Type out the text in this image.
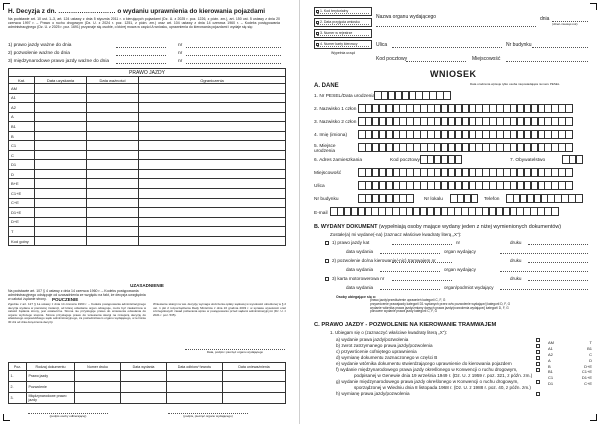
H. Decyzja z dn. ……………………… o wydaniu uprawnienia do kierowania pojazdami
Na podstawie art. 10 ust. 1–3, art. 124 ustawy z dnia 5 stycznia 2011 r. o kierujących pojazdami (Dz. U. z 2025 r. poz. 1226, z późn. zm.), art. 150 ust. 5 ustawy z dnia 20 czerwca 1997 r. – Prawo o ruchu drogowym (Dz. U. z 2024 r. poz. 1251, z późn. zm.) oraz art. 104 ustawy z dnia 14 czerwca 1960 r. – Kodeks postępowania administracyjnego (Dz. U. z 2025 r. poz. 1691) przyznaje się osobie, o której mowa w części A wniosku, uprawnienia do kierowania pojazdami i wydaje się się:
1) prawo jazdy ważne do dnia	nr
2) pozwolenie ważne do dnia	nr
3) międzynarodowe prawo jazdy ważne do dnia	nr
PRAWO JAZDY			
Kat.	Data uzyskania	Data ważności	Ograniczenia
AM			
A1			
A2			
A			
B1			
B			
C1			
C			
D1			
D			
B+E			
C1+E			
C+E			
D1+E			
D+E			
T			
Kod golny			
UZASADNIENIE
Na podstawie art. 107 § 4 ustawy z dnia 14 czerwca 1960 r. – Kodeks postępowania administracyjnego odstępuje od uzasadnienia ze względu na fakt, że decyzja uwzględnia w całości żądanie strony.	POUCZENIE
Zgodnie z art. 127 § 1a ustawy z dnia 14 czerwca 1960 r. – Kodeks postępowania administracyjnego decyzja wydana w pierwszej instancji, od której odwołanie organ odstępuje, może być zaskarżona w całości żądania strony, jest ostateczna. Strona nie przysługuje prawo do wniesienia odwołania do organu wyższego stopnia. Strona przysługuje prawo do wniesienia skargi na niniejszą decyzję do właściwego wojewódzkiego sądu administracyjnego, za pośrednictwem organu wydającego, w terminie 30 dni od dnia doręczenia decyzji.
Wniesienie skargi na ww. decyzję wymaga uiszczenia opłaty sądowej w wysokości określonej w § 2 ust. 1 pkt 2 rozporządzenia Rady Ministrów z dnia 16 grudnia 2003 r. w sprawie wysokości oraz szczegółowych zasad pobierania wpisu w postępowaniu przed sądami administracyjnymi (Dz. U. z 2021 r. poz. 535).
Data, podpis i pieczęć organu wydającego
Poz.	Rodzaj dokumentu	Numer druku	Data wydania	Data odbioru*/zwrotu	Data unieważnienia
1.	Prawo jazdy				
2.	Pozwolenie				
3.	Międzynarodowe prawo jazdy				
(podpis osoby odbierającej)	(podpis, pieczęć organu wydającego)
1. Kod terytorialny
2. Data przyjęcia wniosku
3. Numer w rejestrze
4. Numer karty kierowcy
Wypełnia urząd
Nazwa organu wydającego	dnia
(dzień-miesiąc-rok)
Ulica	Nr budynku
Kod pocztowy	Miejscowość
WNIOSEK
A. DANE	Data urodzenia wpisuje tylko osoba nieposiadająca numeru PESEL
1. Nr PESEL/Data urodzenia
2. Nazwisko 1 człon
3. Nazwisko 2 człon
4. Imię (imiona)
5. Miejsce urodzenia
6. Adres zamieszkania	Kod pocztowy	7. Obywatelstwo
Miejscowość
Ulica
Nr budynku	Nr lokalu	Telefon
E-mail
B. WYDANY DOKUMENT (wypełniają osoby mające wydany jeden z niżej wymienionych dokumentów)
Zostałe(a) mi wydane(-na) (zaznacz właściwe kwadraty literą „X"):
1) prawo jazdy kat	nr	druku
data wydania	organ wydający
2) pozwolenie do/na kierowanie/-nic) tramwajem nr	druku
data wydania	organ wydający
3) karta motorowerowa nr	druku
data wydania	organ/podmiot wydający
Osoby ubiegające się o:
prawo jazdy/przedłużenie uprawnień kategorii C, F, G
przywrócenie prawajazdy kategorii D1 wydanych przez w/w pozwolenie wydające/j kategorii D, F, G
wydanie wtórnika prawa jazdy/zmiany danych prawa jazdy/pozwolenia wydające/j kategorii D, F, G
ponowne wydanie prawa jazdy kategorii C, F, G
C. PRAWO JAZDY - POZWOLENIE NA KIEROWANIE TRAMWAJEM
1. Ubiegam się o (zaznaczyć właściwe kwadraty literą „X"):
a) wydanie prawa jazdy/pozwolenia
b) zwrot zatrzymanego prawa jazdy/pozwolenia
c) przywrócenie cofniętego uprawnienia
d) wymianę dokumentu zaznaczonego w części B
e) wydanie wtórnika dokumentu stwierdzającego uprawnienie do kierowania pojazdem
f) wydanie międzynarodowego prawa jazdy określonego w Konwencji o ruchu drogowym,
podpisanej w Genewie dnia 19 września 1949 r. (Dz. U. z 1959 r. poz. 321, z późn. zm.)
g) wydanie międzynarodowego prawa jazdy określonego w Konwencji o ruchu drogowym,
sporządzonej w Wiedniu dnia 8 listopada 1968 r. (Dz. U. z 1988 r. poz. 40, z późn. zm.)
h) wymianę prawa jazdy/pozwolenia
AM	T
A1	B1
A2	C
A	D
B	D+E
B1	C1+E
C1	D1+E
D1	C+E
